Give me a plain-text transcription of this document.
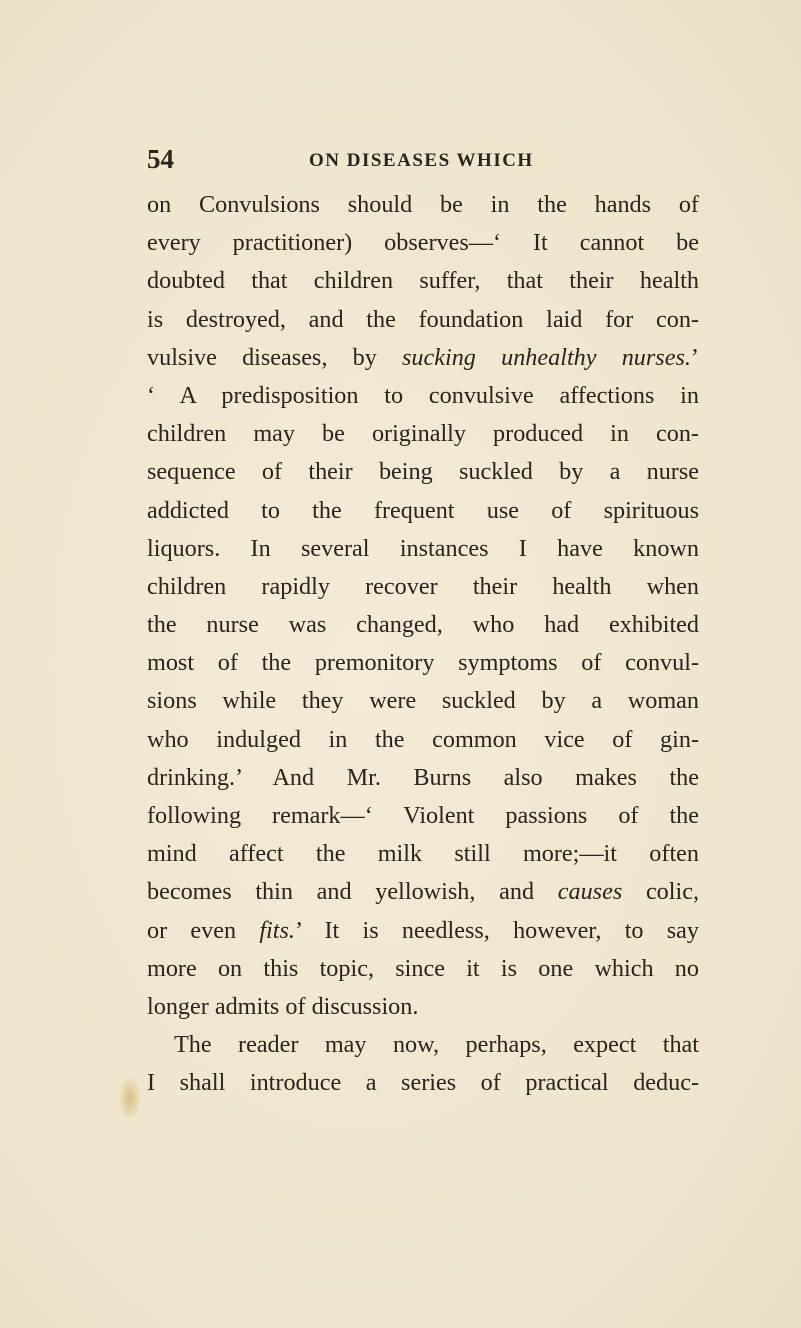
54	ON DISEASES WHICH
on Convulsions should be in the hands of
every practitioner) observes—‘ It cannot be
doubted that children suffer, that their health
is destroyed, and the foundation laid for con-
vulsive diseases, by sucking unhealthy nurses.’
‘ A predisposition to convulsive affections in
children may be originally produced in con-
sequence of their being suckled by a nurse
addicted to the frequent use of spirituous
liquors. In several instances I have known
children rapidly recover their health when
the nurse was changed, who had exhibited
most of the premonitory symptoms of convul-
sions while they were suckled by a woman
who indulged in the common vice of gin-
drinking.’ And Mr. Burns also makes the
following remark—‘ Violent passions of the
mind affect the milk still more;—it often
becomes thin and yellowish, and causes colic,
or even fits.’ It is needless, however, to say
more on this topic, since it is one which no
longer admits of discussion.
The reader may now, perhaps, expect that
I shall introduce a series of practical deduc-
